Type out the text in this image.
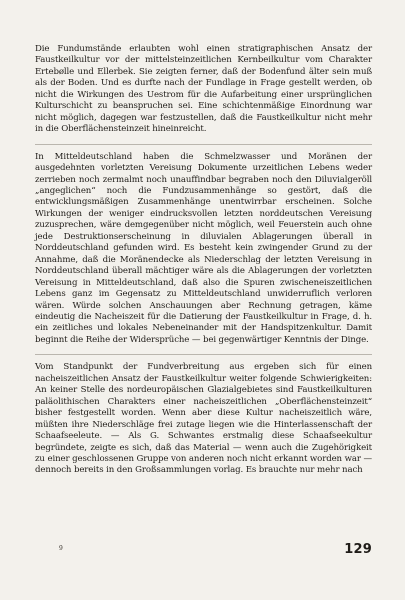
Die Fundumstände erlaubten wohl einen stratigraphischen Ansatz der Faustkeilkultur vor der mittelsteinzeitlichen Kernbeilkultur vom Charakter Ertebølle und Ellerbek. Sie zeigten ferner, daß der Bodenfund älter sein muß als der Boden. Und es durfte nach der Fundlage in Frage gestellt werden, ob nicht die Wirkungen des Uestrom für die Aufarbeitung einer ursprünglichen Kulturschicht zu beanspruchen sei. Eine schichtenmäßige Einordnung war nicht möglich, dagegen war festzustellen, daß die Faustkeilkultur nicht mehr in die Oberflächensteinzeit hineinreicht.

In Mitteldeutschland haben die Schmelzwasser und Moränen der ausgedehnten vorletzten Vereisung Dokumente urzeitlichen Lebens weder zerrieben noch zermalmt noch unauffindbar begraben noch den Diluvialgeröll „angeglichen“ noch die Fundzusammenhänge so gestört, daß die entwicklungsmäßigen Zusammenhänge unentwirrbar erscheinen. Solche Wirkungen der weniger eindrucksvollen letzten norddeutschen Vereisung zuzusprechen, wäre demgegenüber nicht möglich, weil Feuerstein auch ohne jede Destruktionserscheinung in diluvialen Ablagerungen überall in Norddeutschland gefunden wird. Es besteht kein zwingender Grund zu der Annahme, daß die Moränendecke als Niederschlag der letzten Vereisung in Norddeutschland überall mächtiger wäre als die Ablagerungen der vorletzten Vereisung in Mitteldeutschland, daß also die Spuren zwischeneiszeitlichen Lebens ganz im Gegensatz zu Mitteldeutschland unwiderruflich verloren wären. Würde solchen Anschauungen aber Rechnung getragen, käme eindeutig die Nacheiszeit für die Datierung der Faustkeilkultur in Frage, d. h. ein zeitliches und lokales Nebeneinander mit der Handspitzenkultur. Damit beginnt die Reihe der Widersprüche — bei gegenwärtiger Kenntnis der Dinge.

Vom Standpunkt der Fundverbreitung aus ergeben sich für einen nacheiszeitlichen Ansatz der Faustkeilkultur weiter folgende Schwierigkeiten: An keiner Stelle des nordeuropäischen Glazialgebietes sind Faustkeilkulturen paläolithischen Charakters einer nacheiszeitlichen „Oberflächensteinzeit“ bisher festgestellt worden. Wenn aber diese Kultur nacheiszeitlich wäre, müßten ihre Niederschläge frei zutage liegen wie die Hinterlassenschaft der Schaafseeleute. — Als G. Schwantes erstmalig diese Schaafseekultur begründete, zeigte es sich, daß das Material — wenn auch die Zugehörigkeit zu einer geschlossenen Gruppe von anderen noch nicht erkannt worden war — dennoch bereits in den Großsammlungen vorlag. Es brauchte nur mehr nach

9	129
